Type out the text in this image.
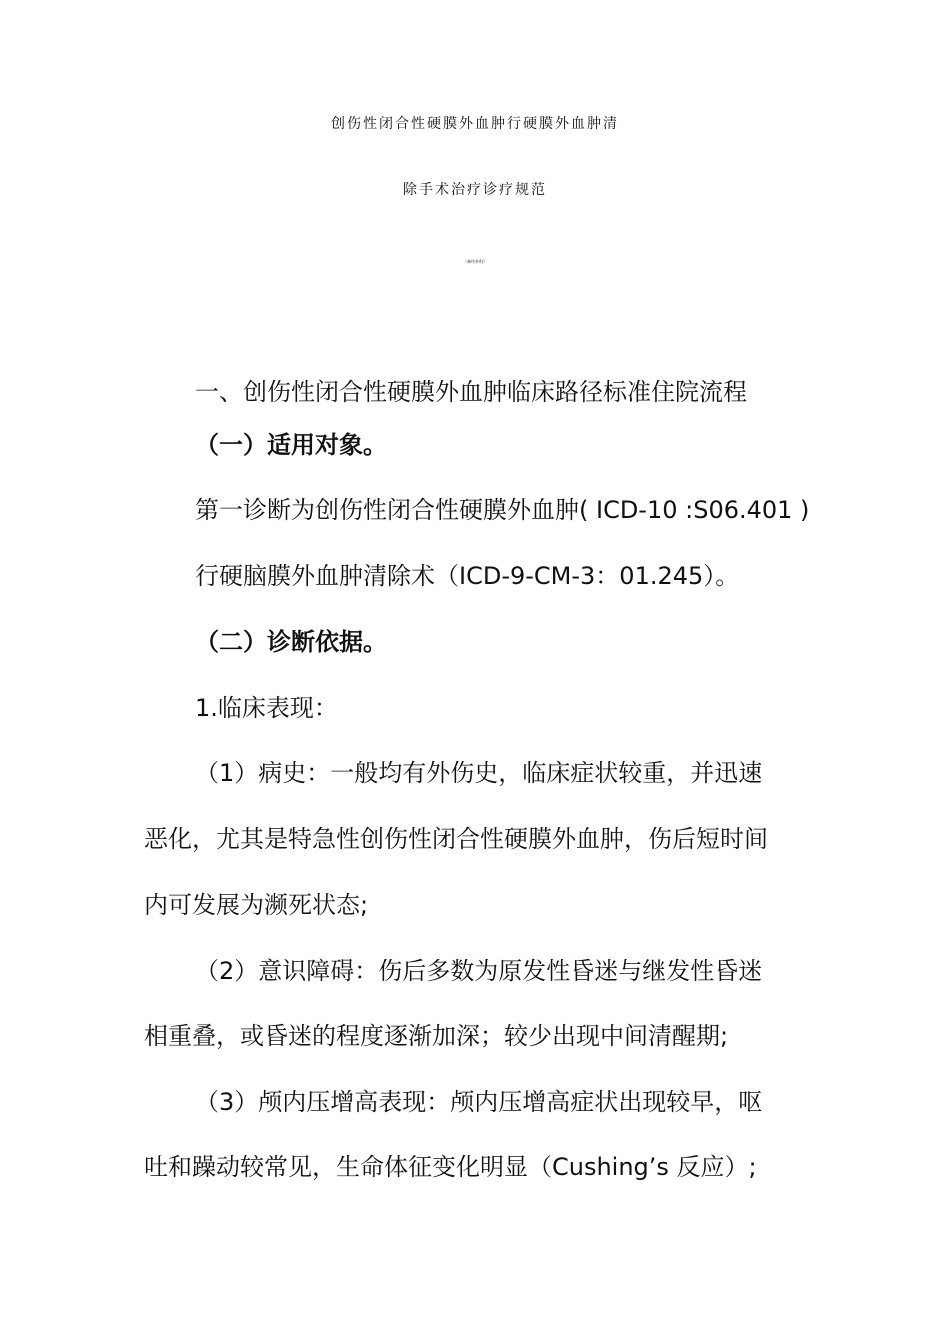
创伤性闭合性硬膜外血肿行硬膜外血肿清
除手术治疗诊疗规范
（神经外科）
一、创伤性闭合性硬膜外血肿临床路径标准住院流程
（一）适用对象。
第一诊断为创伤性闭合性硬膜外血肿( ICD-10 :S06.401 )
行硬脑膜外血肿清除术（ICD-9-CM-3：01.245）。
（二）诊断依据。
1.临床表现：
（1）病史：一般均有外伤史，临床症状较重，并迅速
恶化，尤其是特急性创伤性闭合性硬膜外血肿，伤后短时间
内可发展为濒死状态;
（2）意识障碍：伤后多数为原发性昏迷与继发性昏迷
相重叠，或昏迷的程度逐渐加深；较少出现中间清醒期;
（3）颅内压增高表现：颅内压增高症状出现较早，呕
吐和躁动较常见，生命体征变化明显（Cushing’s 反应）;
